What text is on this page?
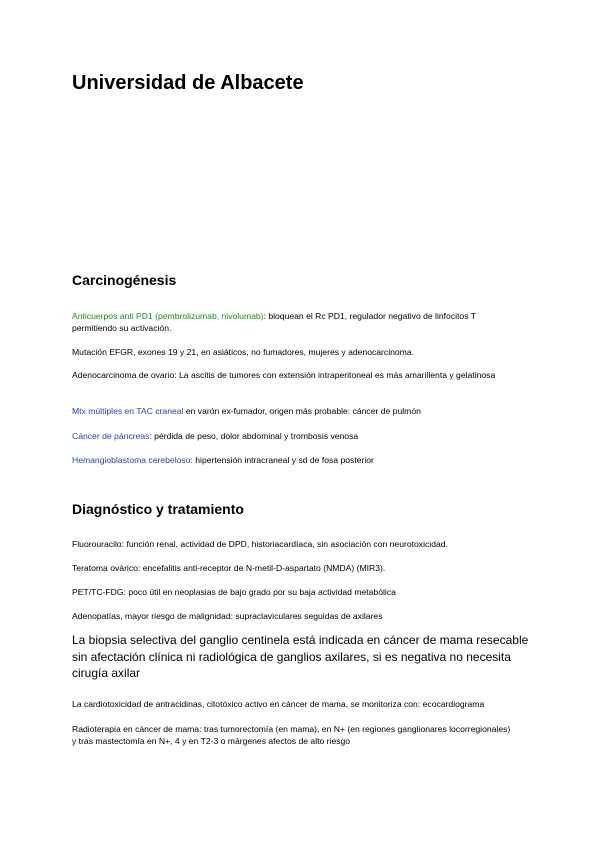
Universidad de Albacete
Carcinogénesis

Anticuerpos anti PD1 (pembrolizumab, nivolumab): bloquean el Rc PD1, regulador negativo de linfocitos T permitiendo su activación.

Mutación EFGR, exones 19 y 21, en asiáticos, no fumadores, mujeres y adenocarcinoma.

Adenocarcinoma de ovario: La ascitis de tumores con extensión intraperitoneal es más amarillenta y gelatinosa

Mtx múltiples en TAC craneal en varón ex-fumador, origen más probable: cáncer de pulmón

Cáncer de páncreas: pérdida de peso, dolor abdominal y trombosis venosa

Hemangioblastoma cerebeloso: hipertensión intracraneal y sd de fosa posterior

Diagnóstico y tratamiento

Fluorouracilo: función renal, actividad de DPD, historiacardíaca, sin asociación con neurotoxicidad.

Teratoma ovárico: encefalitis anti-receptor de N-metil-D-aspartato (NMDA) (MIR3).

PET/TC-FDG: poco útil en neoplasias de bajo grado por su baja actividad metabólica

Adenopatías, mayor riesgo de malignidad: supraclaviculares seguidas de axilares

La biopsia selectiva del ganglio centinela está indicada en cáncer de mama resecable sin afectación clínica ni radiológica de ganglios axilares, si es negativa no necesita cirugía axilar

La cardiotoxicidad de antracidinas, citotóxico activo en cáncer de mama, se monitoriza con: ecocardiograma

Radioterapia en cáncer de mama: tras tumorectomía (en mama), en N+ (en regiones ganglionares locorregionales) y tras mastectomía en N+, 4 y en T2-3 o márgenes afectos de alto riesgo
